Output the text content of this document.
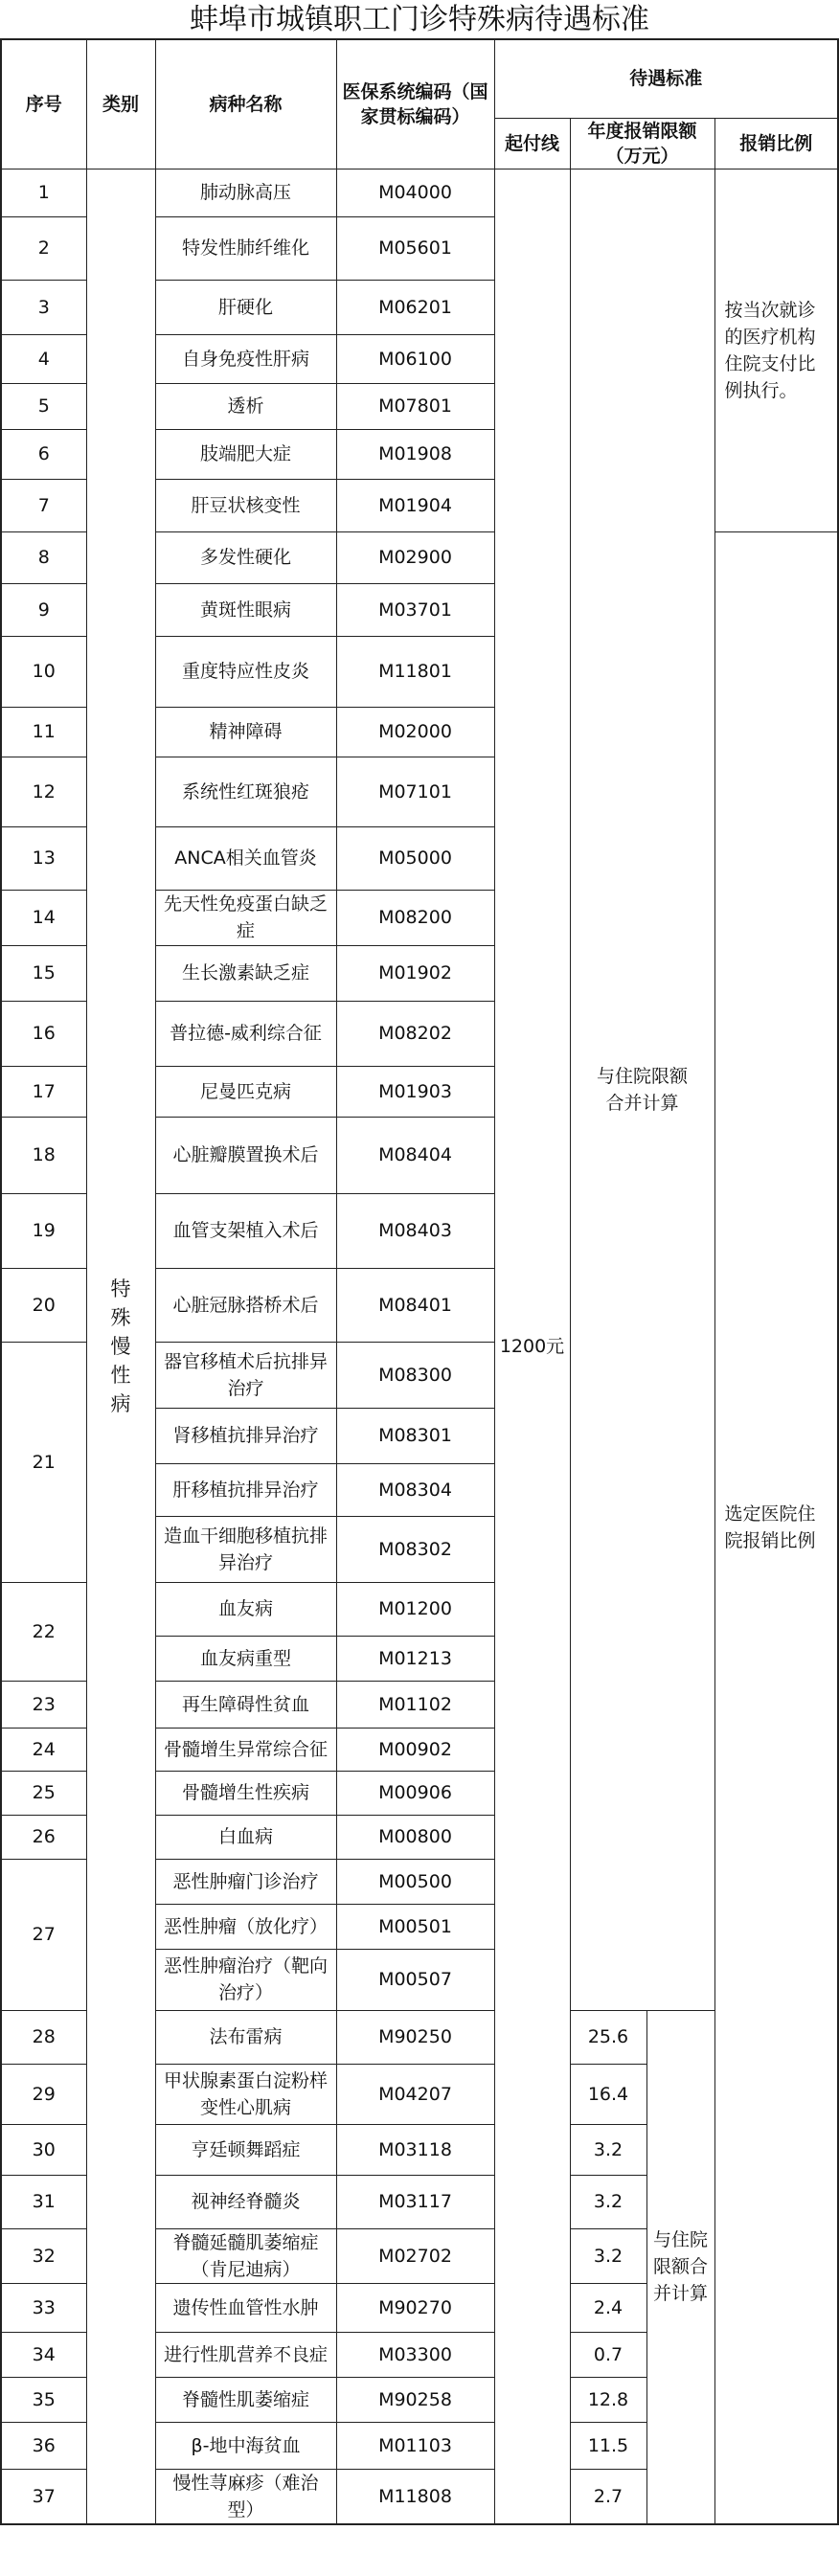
蚌埠市城镇职工门诊特殊病待遇标准
序号	类别	病种名称	医保系统编码（国家贯标编码）	待遇标准			
				起付线	年度报销限额（万元）		报销比例
1	特殊慢性病	肺动脉高压	M04000	1200元	与住院限额合并计算		按当次就诊的医疗机构住院支付比例执行。
2		特发性肺纤维化	M05601				
3		肝硬化	M06201				
4		自身免疫性肝病	M06100				
5		透析	M07801				
6		肢端肥大症	M01908				
7		肝豆状核变性	M01904				
8		多发性硬化	M02900				选定医院住院报销比例
9		黄斑性眼病	M03701				
10		重度特应性皮炎	M11801				
11		精神障碍	M02000				
12		系统性红斑狼疮	M07101				
13		ANCA相关血管炎	M05000				
14		先天性免疫蛋白缺乏症	M08200				
15		生长激素缺乏症	M01902				
16		普拉德-威利综合征	M08202				
17		尼曼匹克病	M01903				
18		心脏瓣膜置换术后	M08404				
19		血管支架植入术后	M08403				
20		心脏冠脉搭桥术后	M08401				
21		器官移植术后抗排异治疗	M08300				
		肾移植抗排异治疗	M08301				
		肝移植抗排异治疗	M08304				
		造血干细胞移植抗排异治疗	M08302				
22		血友病	M01200				
		血友病重型	M01213				
23		再生障碍性贫血	M01102				
24		骨髓增生异常综合征	M00902				
25		骨髓增生性疾病	M00906				
26		白血病	M00800				
27		恶性肿瘤门诊治疗	M00500				
		恶性肿瘤（放化疗）	M00501				
		恶性肿瘤治疗（靶向治疗）	M00507				
28		法布雷病	M90250		25.6	与住院限额合并计算	
29		甲状腺素蛋白淀粉样变性心肌病	M04207		16.4		
30		亨廷顿舞蹈症	M03118		3.2		
31		视神经脊髓炎	M03117		3.2		
32		脊髓延髓肌萎缩症（肯尼迪病）	M02702		3.2		
33		遗传性血管性水肿	M90270		2.4		
34		进行性肌营养不良症	M03300		0.7		
35		脊髓性肌萎缩症	M90258		12.8		
36		β-地中海贫血	M01103		11.5		
37		慢性荨麻疹（难治型）	M11808		2.7		
